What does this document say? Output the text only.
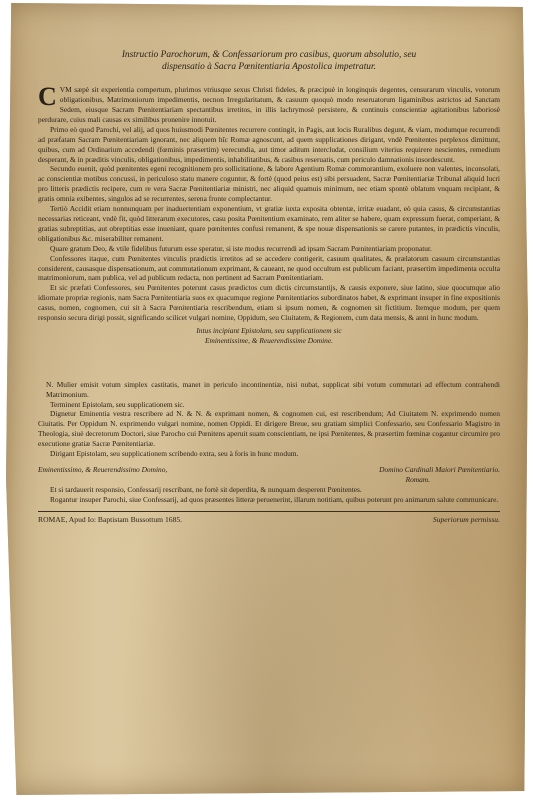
Instructio Parochorum, & Confessariorum pro casibus, quorum absolutio, seu
dispensatio à Sacra Pœnitentiaria Apostolica impetratur.

CVM sæpè sit experientia compertum, plurimos vtriusque sexus Christi fideles, & præcipuè in longinquis degentes, censurarum vinculis, votorum obligationibus, Matrimoniorum impedimentis, necnon Irregularitatum, & casuum quoquò modo reseruatorum ligaminibus astrictos ad Sanctam Sedem, eiusque Sacram Pœnitentiariam spectantibus irretitos, in illis lachrymosè persistere, & continuis conscientiæ agitationibus laboriosè perdurare, cuius mali causas ex similibus pronenire innotuit.

Primo eò quod Parochi, vel alij, ad quos huiusmodi Pœnitentes recurrere contingit, in Pagis, aut locis Ruralibus degunt, & viam, modumque recurrendi ad præfatam Sacram Pœnitentiariam ignorant, nec aliquem hîc Romæ agnoscunt, ad quem supplicationes dirigant, vndè Pœnitentes perplexos dimittunt, quibus, cum ad Ordinarium accedendi (fœminis præsertim) verecundia, aut timor aditum intercludat, consilium viterius requirere nescientes, remedium desperant, & in præditis vinculis, obligationibus, impedimentis, inhabilitatibus, & casibus reseruatis, cum periculo damnationis insordescunt.

Secundo euenit, quòd pœnitentes egeni recognitionem pro sollicitatione, & labore Agentium Romæ commorantium, exoluere non valentes, inconsolati, ac conscientiæ motibus concussi, in periculoso statu manere coguntur, & fortè (quod peius est) sibi persuadent, Sacræ Pœnitentiariæ Tribunal aliquid lucri pro litteris prædictis recipere, cum re vera Sacræ Pœnitentiariæ ministri, nec aliquid quamuis minimum, nec etiam spontè oblatum vnquam recipiant, & gratis omnia exibentes, singulos ad se recurrentes, serena fronte complectantur.

Tertiò Accidit etiam nonnunquam per inaduertentiam exponentium, vt gratiæ iuxta exposita obtentæ, irritæ euadant, eò quia casus, & circumstantias necessarias reticeant, vndè fit, quòd litterarum executores, casu posita Pœnitentium examinato, rem aliter se habere, quam expressum fuerat, comperiant, & gratias subreptitias, aut obreptitias esse inueniant, quare pœnitentes confusi remanent, & spe nouæ dispensationis se carere putantes, in prædictis vinculis, obligationibus &c. miserabiliter remanent.

Quare gratum Deo, & vtile fidelibus futurum esse speratur, si iste modus recurrendi ad ipsam Sacram Pœnitentiariam proponatur.

Confessores itaque, cum Pœnitentes vinculis prædictis irretitos ad se accedere contigerit, casuum qualitates, & prælatorum casuum circumstantias considerent, causasque dispensationum, aut commutationum exprimant, & caueant, ne quod occultum est publicum faciant, præsertim impedimenta occulta matrimoniorum, nam publica, vel ad publicum redacta, non pertinent ad Sacram Pœnitentiariam.

Et sic præfati Confessores, seu Pœnitentes poterunt casus prædictos cum dictis circumstantijs, & causis exponere, siue latino, siue quocumque alio idiomate propriæ regionis, nam Sacra Pœnitentiaria suos ex quacumque regione Pœnitentiarios subordinatos habet, & exprimant insuper in fine expositionis casus, nomen, cognomen, cui sit à Sacra Pœnitentiaria rescribendum, etiam si ipsum nomen, & cognomen sit fictitium. Itemque modum, per quem responsio secura dirigi possit, significando scilicet vulgari nomine, Oppidum, seu Ciuitatem, & Regionem, cum data mensis, & anni in hunc modum.

Intus incipiant Epistolam, seu supplicationem sic
Eminentissime, & Reuerendissime Domine.

N. Mulier emisit votum simplex castitatis, manet in periculo incontinentiæ, nisi nubat, supplicat sibi votum commutari ad effectum contrahendi Matrimonium.

Terminent Epistolam, seu supplicationem sic.

Dignetur Eminentia vestra rescribere ad N. & N. & exprimant nomen, & cognomen cui, est rescribendum; Ad Ciuitatem N. exprimendo nomen Ciuitatis. Per Oppidum N. exprimendo vulgari nomine, nomen Oppidi. Et dirigere Breue, seu gratiam simplici Confessario, seu Confessario Magistro in Theologia, siuè decretorum Doctori, siue Parocho cui Pœnitens aperuit suam conscientiam, ne ipsi Pœnitentes, & præsertim fœminæ cogantur circumire pro executione gratiæ Sacræ Pœnitentiariæ.

Dirigant Epistolam, seu supplicationem scribendo extra, seu à foris in hunc modum.

Eminentissimo, & Reuerendissimo Domino,	Domino Cardinali Maiori Pœnitentiario.
Romam.

Et si tardauerit responsio, Confessarij rescribant, ne fortè sit deperdita, & nunquam desperent Pœnitentes.

Rogantur insuper Parochi, siue Confessarij, ad quos præsentes litteræ peruenerint, illarum notitiam, quibus poterunt pro animarum salute communicare.

ROMAE, Apud Io: Baptistam Bussottum 1685.	Superiorum permissu.
